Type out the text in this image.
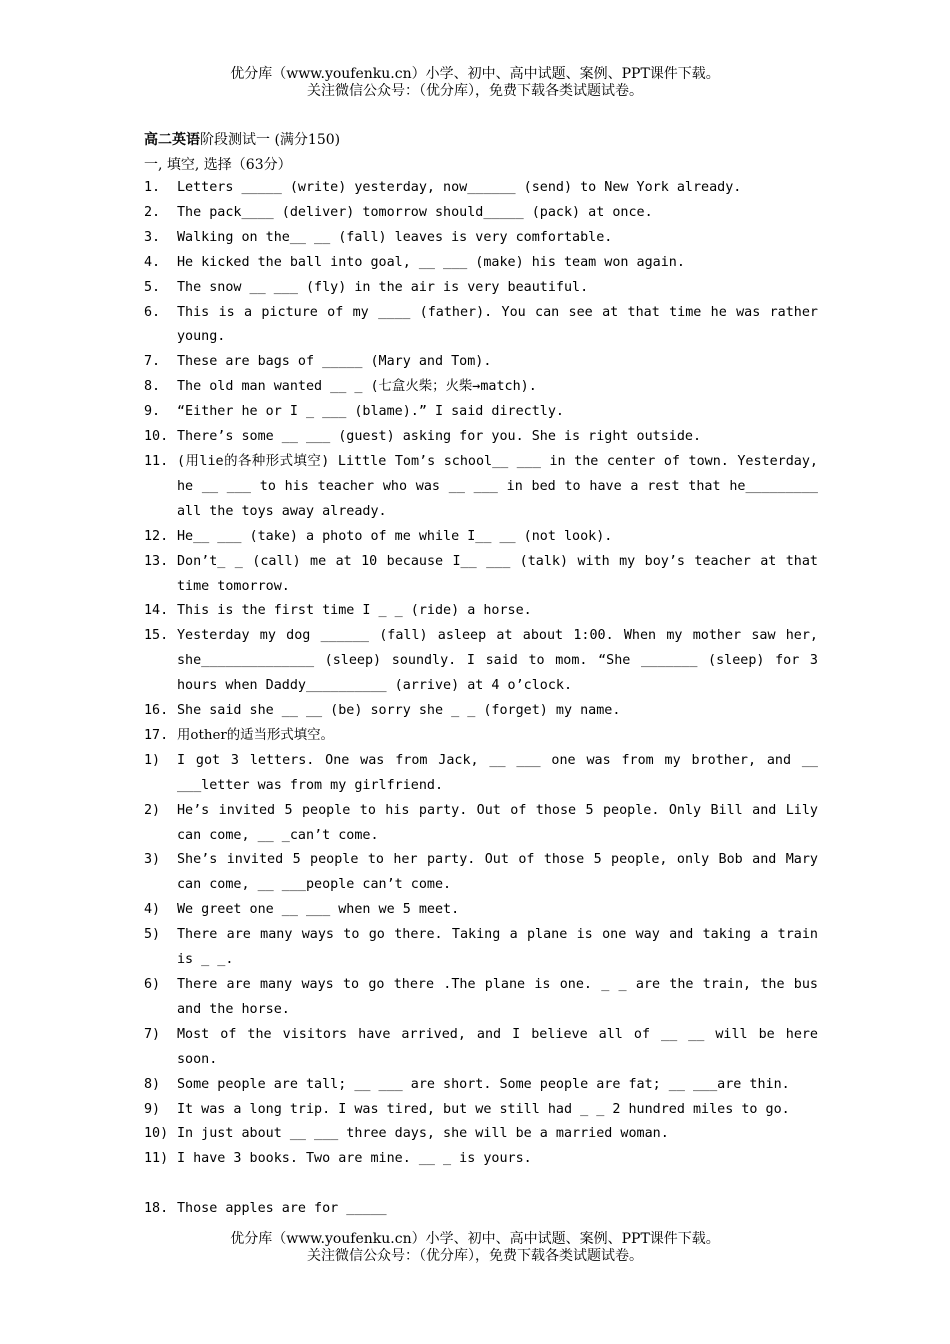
优分库（www.youfenku.cn）小学、初中、高中试题、案例、PPT课件下载。
关注微信公众号：（优分库），免费下载各类试题试卷。
高二英语阶段测试一 (满分150)
一, 填空, 选择（63分）
1.	Letters _____ (write) yesterday, now______ (send) to New York already.
2.	The pack____ (deliver) tomorrow should_____ (pack) at once.
3.	Walking on the__ __ (fall) leaves is very comfortable.
4.	He kicked the ball into goal, __ ___ (make) his team won again.
5.	The snow __ ___ (fly) in the air is very beautiful.
6.	This is a picture of my ____ (father). You can see at that time he was rather young.
7.	These are bags of _____ (Mary and Tom).
8.	The old man wanted __ _ (七盒火柴；火柴→match).
9.	“Either he or I _ ___ (blame).” I said directly.
10. There’s some __ ___ (guest) asking for you. She is right outside.
11. (用lie的各种形式填空) Little Tom’s school__ ___ in the center of town. Yesterday, he __ ___ to his teacher who was __ ___ in bed to have a rest that he_________ all the toys away already.
12. He__ ___ (take) a photo of me while I__ __ (not look).
13. Don’t_ _ (call) me at 10 because I__ ___ (talk) with my boy’s teacher at that time tomorrow.
14. This is the first time I _ _ (ride) a horse.
15. Yesterday my dog ______ (fall) asleep at about 1:00. When my mother saw her, she______________ (sleep) soundly. I said to mom. “She _______ (sleep) for 3 hours when Daddy__________ (arrive) at 4 o’clock.
16. She said she __ __ (be) sorry she _ _ (forget) my name.
17. 用other的适当形式填空。
1)	I got 3 letters. One was from Jack, __ ___ one was from my brother, and __ ___letter was from my girlfriend.
2)	He’s invited 5 people to his party. Out of those 5 people. Only Bill and Lily can come, __ _can’t come.
3)	She’s invited 5 people to her party. Out of those 5 people, only Bob and Mary can come, __ ___people can’t come.
4)	We greet one __ ___ when we 5 meet.
5)	There are many ways to go there. Taking a plane is one way and taking a train is _ _.
6)	There are many ways to go there .The plane is one. _ _ are the train, the bus and the horse.
7)	Most of the visitors have arrived, and I believe all of __ __ will be here soon.
8)	Some people are tall; __ ___ are short. Some people are fat; __ ___are thin.
9)	It was a long trip. I was tired, but we still had _ _ 2 hundred miles to go.
10) In just about __ ___ three days, she will be a married woman.
11) I have 3 books. Two are mine. __ _ is yours.
18. Those apples are for _____
优分库（www.youfenku.cn）小学、初中、高中试题、案例、PPT课件下载。
关注微信公众号：（优分库），免费下载各类试题试卷。
